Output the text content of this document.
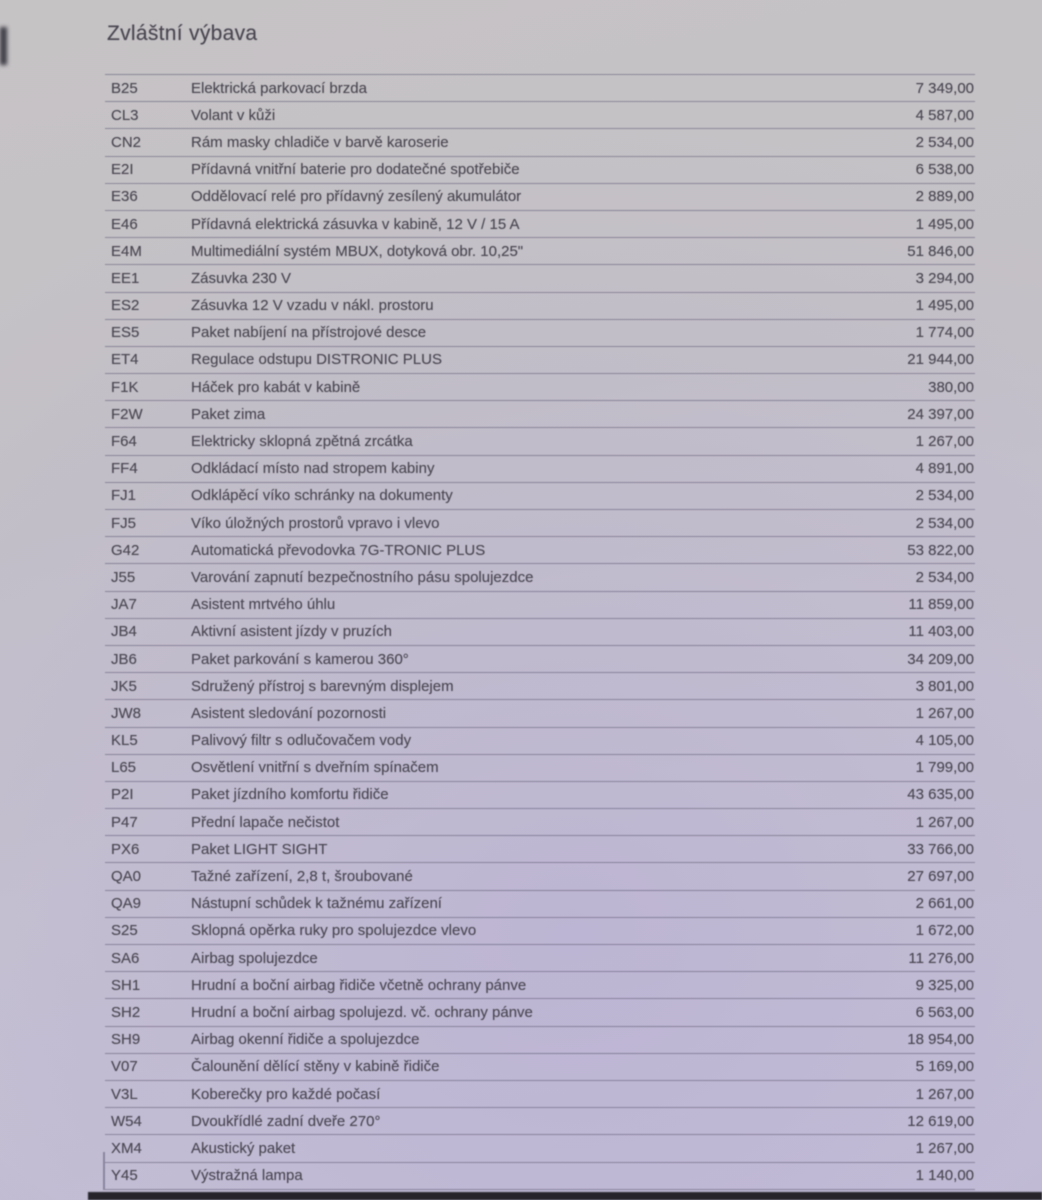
Zvláštní výbava
B25	Elektrická parkovací brzda	7 349,00
CL3	Volant v kůži	4 587,00
CN2	Rám masky chladiče v barvě karoserie	2 534,00
E2I	Přídavná vnitřní baterie pro dodatečné spotřebiče	6 538,00
E36	Oddělovací relé pro přídavný zesílený akumulátor	2 889,00
E46	Přídavná elektrická zásuvka v kabině, 12 V / 15 A	1 495,00
E4M	Multimediální systém MBUX, dotyková obr. 10,25"	51 846,00
EE1	Zásuvka 230 V	3 294,00
ES2	Zásuvka 12 V vzadu v nákl. prostoru	1 495,00
ES5	Paket nabíjení na přístrojové desce	1 774,00
ET4	Regulace odstupu DISTRONIC PLUS	21 944,00
F1K	Háček pro kabát v kabině	380,00
F2W	Paket zima	24 397,00
F64	Elektricky sklopná zpětná zrcátka	1 267,00
FF4	Odkládací místo nad stropem kabiny	4 891,00
FJ1	Odklápěcí víko schránky na dokumenty	2 534,00
FJ5	Víko úložných prostorů vpravo i vlevo	2 534,00
G42	Automatická převodovka 7G-TRONIC PLUS	53 822,00
J55	Varování zapnutí bezpečnostního pásu spolujezdce	2 534,00
JA7	Asistent mrtvého úhlu	11 859,00
JB4	Aktivní asistent jízdy v pruzích	11 403,00
JB6	Paket parkování s kamerou 360°	34 209,00
JK5	Sdružený přístroj s barevným displejem	3 801,00
JW8	Asistent sledování pozornosti	1 267,00
KL5	Palivový filtr s odlučovačem vody	4 105,00
L65	Osvětlení vnitřní s dveřním spínačem	1 799,00
P2I	Paket jízdního komfortu řidiče	43 635,00
P47	Přední lapače nečistot	1 267,00
PX6	Paket LIGHT SIGHT	33 766,00
QA0	Tažné zařízení, 2,8 t, šroubované	27 697,00
QA9	Nástupní schůdek k tažnému zařízení	2 661,00
S25	Sklopná opěrka ruky pro spolujezdce vlevo	1 672,00
SA6	Airbag spolujezdce	11 276,00
SH1	Hrudní a boční airbag řidiče včetně ochrany pánve	9 325,00
SH2	Hrudní a boční airbag spolujezd. vč. ochrany pánve	6 563,00
SH9	Airbag okenní řidiče a spolujezdce	18 954,00
V07	Čalounění dělící stěny v kabině řidiče	5 169,00
V3L	Koberečky pro každé počasí	1 267,00
W54	Dvoukřídlé zadní dveře 270°	12 619,00
XM4	Akustický paket	1 267,00
Y45	Výstražná lampa	1 140,00
